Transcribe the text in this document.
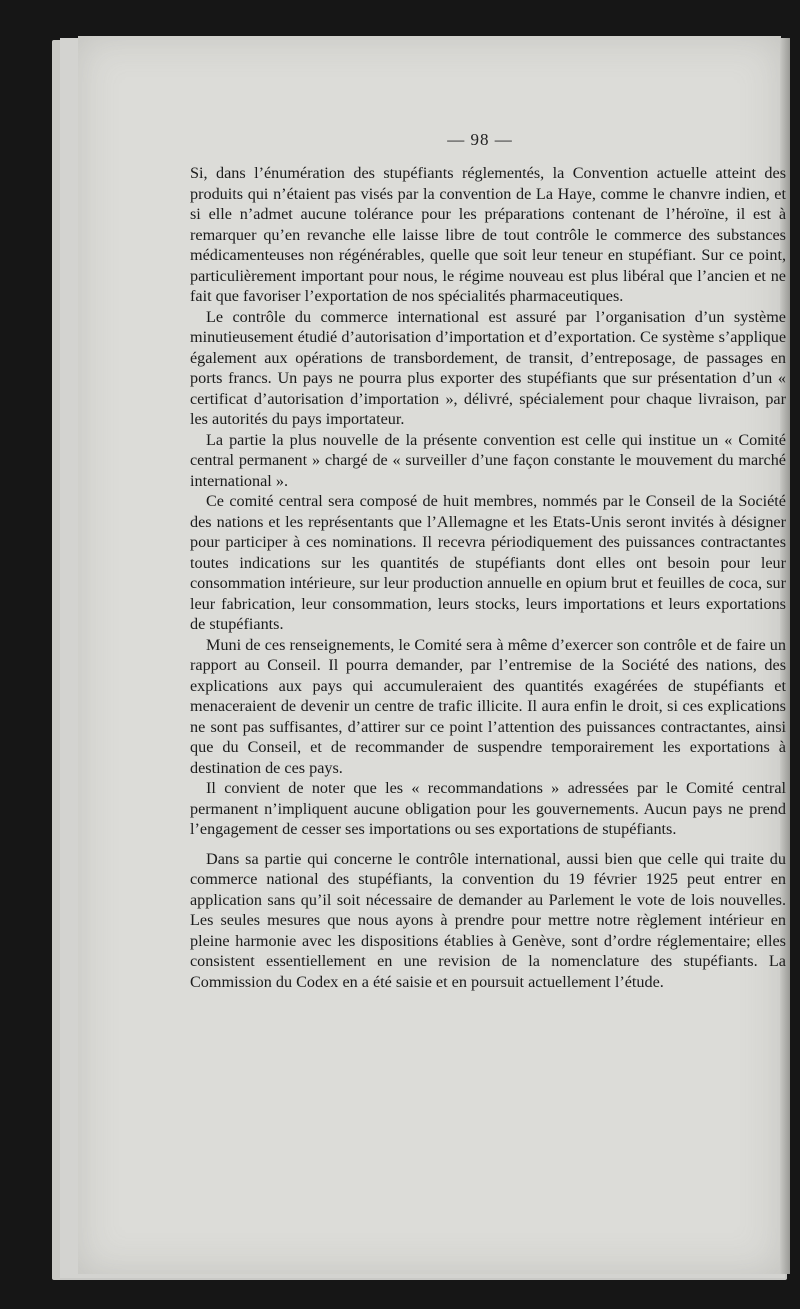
— 98 —

Si, dans l’énumération des stupéfiants réglementés, la Convention actuelle atteint des produits qui n’étaient pas visés par la convention de La Haye, comme le chanvre indien, et si elle n’admet aucune tolérance pour les préparations contenant de l’héroïne, il est à remarquer qu’en revanche elle laisse libre de tout contrôle le commerce des substances médicamenteuses non régénérables, quelle que soit leur teneur en stupéfiant. Sur ce point, particulièrement important pour nous, le régime nouveau est plus libéral que l’ancien et ne fait que favoriser l’exportation de nos spécialités pharmaceutiques.

Le contrôle du commerce international est assuré par l’organisation d’un système minutieusement étudié d’autorisation d’importation et d’exportation. Ce système s’applique également aux opérations de transbordement, de transit, d’entreposage, de passages en ports francs. Un pays ne pourra plus exporter des stupéfiants que sur présentation d’un « certificat d’autorisation d’importation », délivré, spécialement pour chaque livraison, par les autorités du pays importateur.

La partie la plus nouvelle de la présente convention est celle qui institue un « Comité central permanent » chargé de « surveiller d’une façon constante le mouvement du marché international ».

Ce comité central sera composé de huit membres, nommés par le Conseil de la Société des nations et les représentants que l’Allemagne et les Etats-Unis seront invités à désigner pour participer à ces nominations. Il recevra périodiquement des puissances contractantes toutes indications sur les quantités de stupéfiants dont elles ont besoin pour leur consommation intérieure, sur leur production annuelle en opium brut et feuilles de coca, sur leur fabrication, leur consommation, leurs stocks, leurs importations et leurs exportations de stupéfiants.

Muni de ces renseignements, le Comité sera à même d’exercer son contrôle et de faire un rapport au Conseil. Il pourra demander, par l’entremise de la Société des nations, des explications aux pays qui accumuleraient des quantités exagérées de stupéfiants et menaceraient de devenir un centre de trafic illicite. Il aura enfin le droit, si ces explications ne sont pas suffisantes, d’attirer sur ce point l’attention des puissances contractantes, ainsi que du Conseil, et de recommander de suspendre temporairement les exportations à destination de ces pays.

Il convient de noter que les « recommandations » adressées par le Comité central permanent n’impliquent aucune obligation pour les gouvernements. Aucun pays ne prend l’engagement de cesser ses importations ou ses exportations de stupéfiants.

Dans sa partie qui concerne le contrôle international, aussi bien que celle qui traite du commerce national des stupéfiants, la convention du 19 février 1925 peut entrer en application sans qu’il soit nécessaire de demander au Parlement le vote de lois nouvelles. Les seules mesures que nous ayons à prendre pour mettre notre règlement intérieur en pleine harmonie avec les dispositions établies à Genève, sont d’ordre réglementaire; elles consistent essentiellement en une revision de la nomenclature des stupéfiants. La Commission du Codex en a été saisie et en poursuit actuellement l’étude.
